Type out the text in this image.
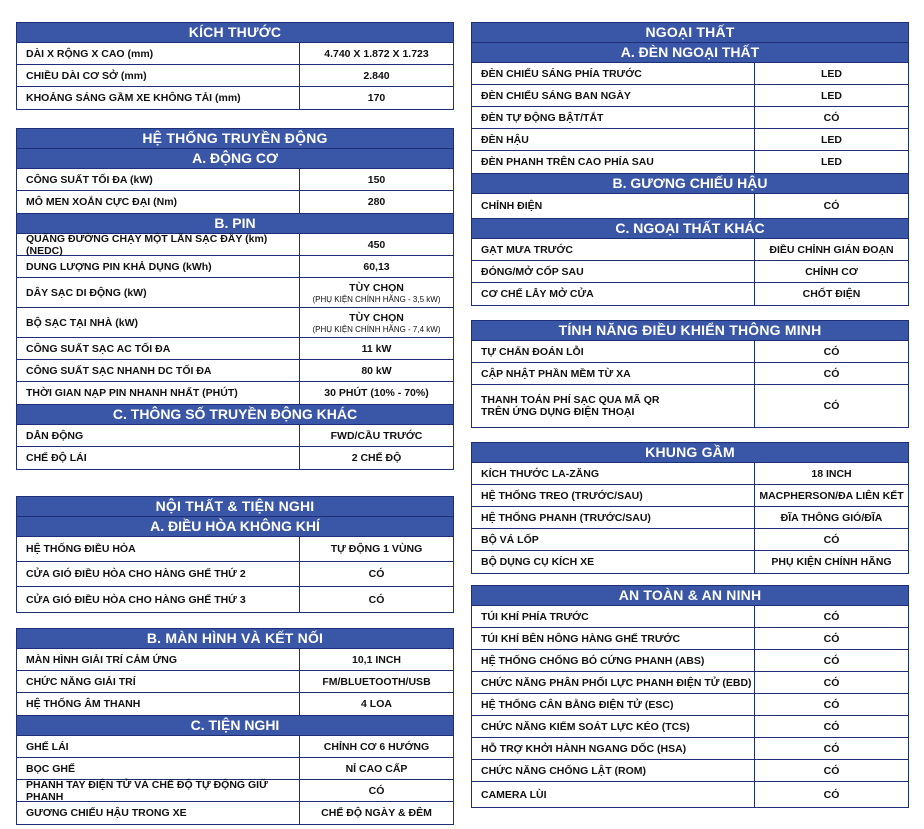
KÍCH THƯỚC
DÀI X RỘNG X CAO (mm)	4.740 X 1.872 X 1.723
CHIỀU DÀI CƠ SỞ (mm)	2.840
KHOẢNG SÁNG GẦM XE KHÔNG TẢI (mm)	170
HỆ THỐNG TRUYỀN ĐỘNG
A. ĐỘNG CƠ
CÔNG SUẤT TỐI ĐA (kW)	150
MÔ MEN XOẮN CỰC ĐẠI (Nm)	280
B. PIN
QUÃNG ĐƯỜNG CHẠY MỘT LẦN SẠC ĐẦY (km) (NEDC)	450
DUNG LƯỢNG PIN KHẢ DỤNG (kWh)	60,13
DÂY SẠC DI ĐỘNG (kW)	TÙY CHỌN
(PHỤ KIỆN CHÍNH HÃNG - 3,5 kW)
BỘ SẠC TẠI NHÀ (kW)	TÙY CHỌN
(PHỤ KIỆN CHÍNH HÃNG - 7,4 kW)
CÔNG SUẤT SẠC AC TỐI ĐA	11 kW
CÔNG SUẤT SẠC NHANH DC TỐI ĐA	80 kW
THỜI GIAN NẠP PIN NHANH NHẤT (PHÚT)	30 PHÚT (10% - 70%)
C. THÔNG SỐ TRUYỀN ĐỘNG KHÁC
DẪN ĐỘNG	FWD/CẦU TRƯỚC
CHẾ ĐỘ LÁI	2 CHẾ ĐỘ
NỘI THẤT & TIỆN NGHI
A. ĐIỀU HÒA KHÔNG KHÍ
HỆ THỐNG ĐIỀU HÒA	TỰ ĐỘNG 1 VÙNG
CỬA GIÓ ĐIỀU HÒA CHO HÀNG GHẾ THỨ 2	CÓ
CỬA GIÓ ĐIỀU HÒA CHO HÀNG GHẾ THỨ 3	CÓ
B. MÀN HÌNH VÀ KẾT NỐI
MÀN HÌNH GIẢI TRÍ CẢM ỨNG	10,1 INCH
CHỨC NĂNG GIẢI TRÍ	FM/BLUETOOTH/USB
HỆ THỐNG ÂM THANH	4 LOA
C. TIỆN NGHI
GHẾ LÁI	CHỈNH CƠ 6 HƯỚNG
BỌC GHẾ	NỈ CAO CẤP
PHANH TAY ĐIỆN TỬ VÀ CHẾ ĐỘ TỰ ĐỘNG GIỮ PHANH	CÓ
GƯƠNG CHIẾU HẬU TRONG XE	CHẾ ĐỘ NGÀY & ĐÊM
NGOẠI THẤT
A. ĐÈN NGOẠI THẤT
ĐÈN CHIẾU SÁNG PHÍA TRƯỚC	LED
ĐÈN CHIẾU SÁNG BAN NGÀY	LED
ĐÈN TỰ ĐỘNG BẬT/TẮT	CÓ
ĐÈN HẬU	LED
ĐÈN PHANH TRÊN CAO PHÍA SAU	LED
B. GƯƠNG CHIẾU HẬU
CHỈNH ĐIỆN	CÓ
C. NGOẠI THẤT KHÁC
GẠT MƯA TRƯỚC	ĐIỀU CHỈNH GIÁN ĐOẠN
ĐÓNG/MỞ CỐP SAU	CHỈNH CƠ
CƠ CHẾ LẪY MỞ CỬA	CHỐT ĐIỆN
TÍNH NĂNG ĐIỀU KHIỂN THÔNG MINH
TỰ CHẨN ĐOÁN LỖI	CÓ
CẬP NHẬT PHẦN MỀM TỪ XA	CÓ
THANH TOÁN PHÍ SẠC QUA MÃ QR
TRÊN ỨNG DỤNG ĐIỆN THOẠI	CÓ
KHUNG GẦM
KÍCH THƯỚC LA-ZĂNG	18 INCH
HỆ THỐNG TREO (TRƯỚC/SAU)	MACPHERSON/ĐA LIÊN KẾT
HỆ THỐNG PHANH (TRƯỚC/SAU)	ĐĨA THÔNG GIÓ/ĐĨA
BỘ VÁ LỐP	CÓ
BỘ DỤNG CỤ KÍCH XE	PHỤ KIỆN CHÍNH HÃNG
AN TOÀN & AN NINH
TÚI KHÍ PHÍA TRƯỚC	CÓ
TÚI KHÍ BÊN HÔNG HÀNG GHẾ TRƯỚC	CÓ
HỆ THỐNG CHỐNG BÓ CỨNG PHANH (ABS)	CÓ
CHỨC NĂNG PHÂN PHỐI LỰC PHANH ĐIỆN TỬ (EBD)	CÓ
HỆ THỐNG CÂN BẰNG ĐIỆN TỬ (ESC)	CÓ
CHỨC NĂNG KIỂM SOÁT LỰC KÉO (TCS)	CÓ
HỖ TRỢ KHỞI HÀNH NGANG DỐC (HSA)	CÓ
CHỨC NĂNG CHỐNG LẬT (ROM)	CÓ
CAMERA LÙI	CÓ
